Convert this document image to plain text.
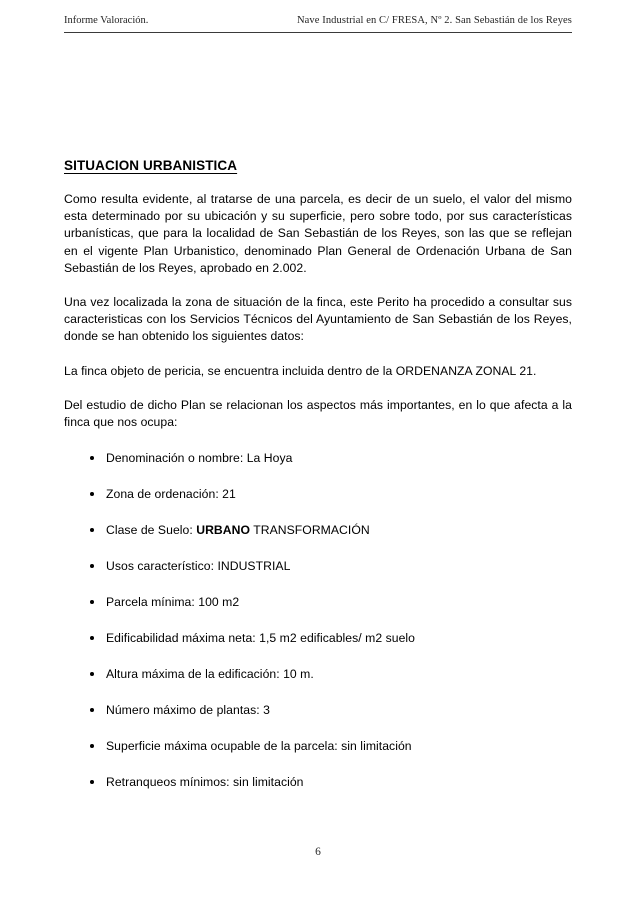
Informe Valoración.	Nave Industrial en C/ FRESA, Nº 2. San Sebastián de los Reyes
SITUACION URBANISTICA

Como resulta evidente, al tratarse de una parcela, es decir de un suelo, el valor del mismo esta determinado por su ubicación y su superficie, pero sobre todo, por sus características urbanísticas, que para la localidad de San Sebastián de los Reyes, son las que se reflejan en el vigente Plan Urbanistico, denominado Plan General de Ordenación Urbana de San Sebastián de los Reyes, aprobado en 2.002.

Una vez localizada la zona de situación de la finca, este Perito ha procedido a consultar sus caracteristicas con los Servicios Técnicos del Ayuntamiento de San Sebastián de los Reyes, donde se han obtenido los siguientes datos:

La finca objeto de pericia, se encuentra incluida dentro de la ORDENANZA ZONAL 21.

Del estudio de dicho Plan se relacionan los aspectos más importantes, en lo que afecta a la finca que nos ocupa:

Denominación o nombre: La Hoya
Zona de ordenación: 21
Clase de Suelo: URBANO TRANSFORMACIÓN
Usos característico: INDUSTRIAL
Parcela mínima: 100 m2
Edificabilidad máxima neta: 1,5 m2 edificables/ m2 suelo
Altura máxima de la edificación: 10 m.
Número máximo de plantas: 3
Superficie máxima ocupable de la parcela: sin limitación
Retranqueos mínimos: sin limitación
6
